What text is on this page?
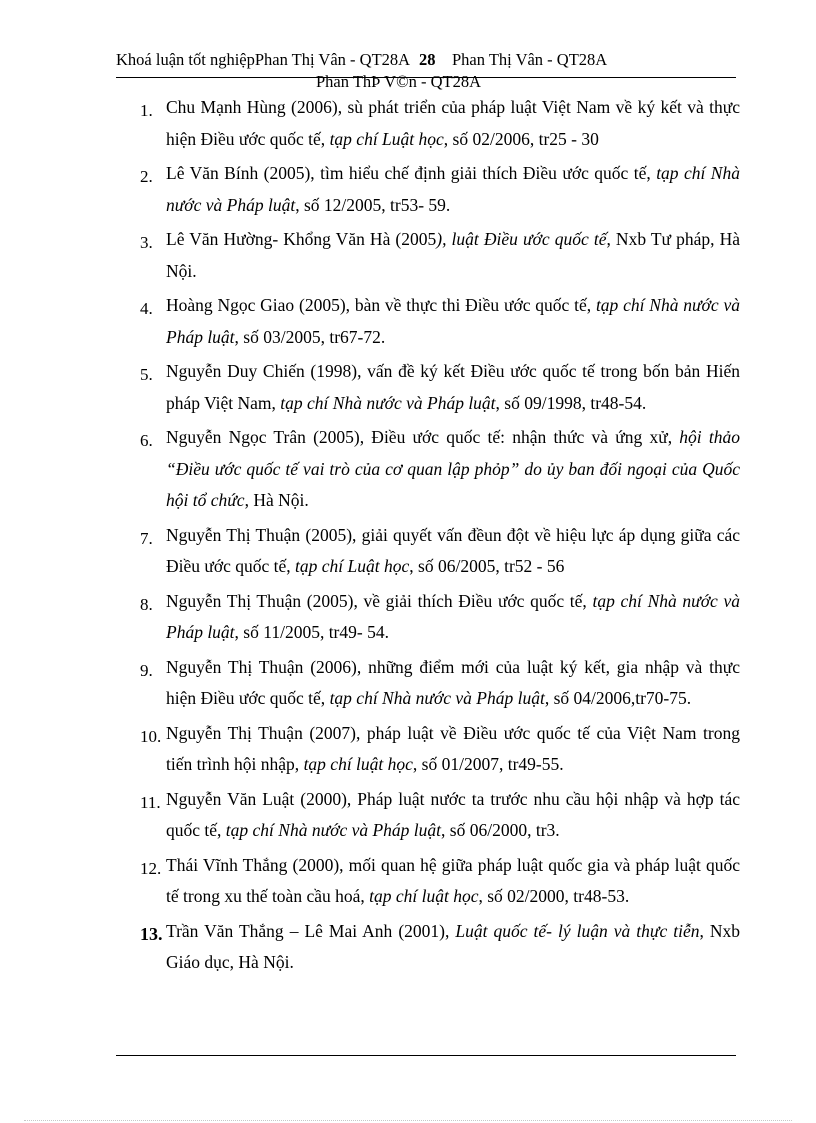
Khoá luận tốt nghiệpPhan Thị Vân - QT28A 28 Phan Thị Vân - QT28A
Phan ThÞ V©n - QT28A
1. Chu Mạnh Hùng (2006), sù phát triển của pháp luật Việt Nam về ký kết và thực hiện Điều ước quốc tế, tạp chí Luật học, số 02/2006, tr25 - 30
2. Lê Văn Bính (2005), tìm hiểu chế định giải thích Điều ước quốc tế, tạp chí Nhà nước và Pháp luật, số 12/2005, tr53- 59.
3. Lê Văn Hường- Khổng Văn Hà (2005), luật Điều ước quốc tế, Nxb Tư pháp, Hà Nội.
4. Hoàng Ngọc Giao (2005), bàn về thực thi Điều ước quốc tế, tạp chí Nhà nước và Pháp luật, số 03/2005, tr67-72.
5. Nguyễn Duy Chiến (1998), vấn đề ký kết Điều ước quốc tế trong bốn bản Hiến pháp Việt Nam, tạp chí Nhà nước và Pháp luật, số 09/1998, tr48-54.
6. Nguyễn Ngọc Trân (2005), Điều ước quốc tế: nhận thức và ứng xử, hội thảo “Điều ước quốc tế vai trò của cơ quan lập phỏp” do ủy ban đối ngoại của Quốc hội tổ chức, Hà Nội.
7. Nguyễn Thị Thuận (2005), giải quyết vấn đềun đột về hiệu lực áp dụng giữa các Điều ước quốc tế, tạp chí Luật học, số 06/2005, tr52 - 56
8. Nguyễn Thị Thuận (2005), về giải thích Điều ước quốc tế, tạp chí Nhà nước và Pháp luật, số 11/2005, tr49- 54.
9. Nguyễn Thị Thuận (2006), những điểm mới của luật ký kết, gia nhập và thực hiện Điều ước quốc tế, tạp chí Nhà nước và Pháp luật, số 04/2006,tr70-75.
10. Nguyễn Thị Thuận (2007), pháp luật về Điều ước quốc tế của Việt Nam trong tiến trình hội nhập, tạp chí luật học, số 01/2007, tr49-55.
11. Nguyễn Văn Luật (2000), Pháp luật nước ta trước nhu cầu hội nhập và hợp tác quốc tế, tạp chí Nhà nước và Pháp luật, số 06/2000, tr3.
12. Thái Vĩnh Thắng (2000), mối quan hệ giữa pháp luật quốc gia và pháp luật quốc tế trong xu thế toàn cầu hoá, tạp chí luật học, số 02/2000, tr48-53.
13. Trần Văn Thắng – Lê Mai Anh (2001), Luật quốc tế- lý luận và thực tiễn, Nxb Giáo dục, Hà Nội.
